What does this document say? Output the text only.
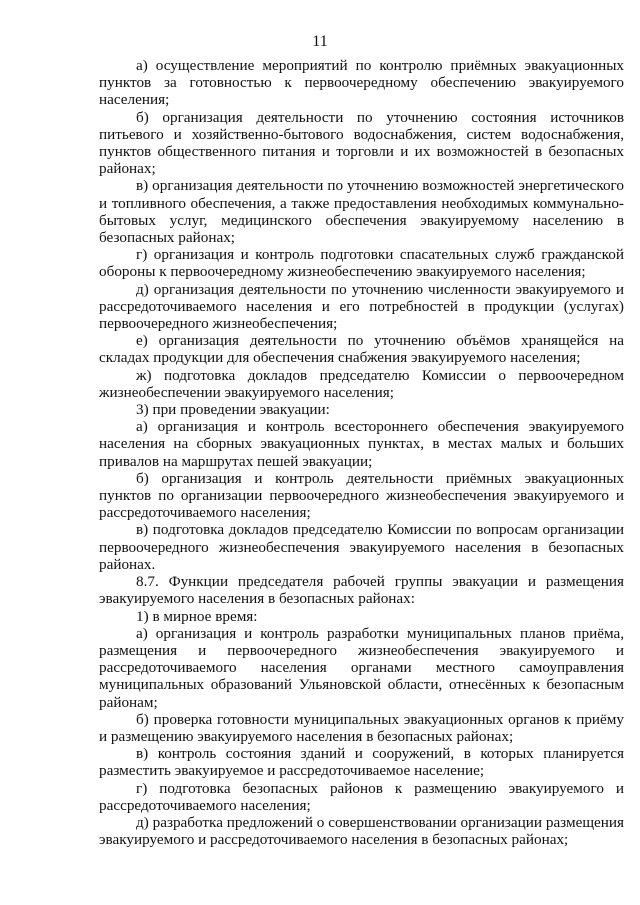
11

а) осуществление мероприятий по контролю приёмных эвакуационных пунктов за готовностью к первоочередному обеспечению эвакуируемого населения;

б) организация деятельности по уточнению состояния источников питьевого и хозяйственно-бытового водоснабжения, систем водоснабжения, пунктов общественного питания и торговли и их возможностей в безопасных районах;

в) организация деятельности по уточнению возможностей энергетического и топливного обеспечения, а также предоставления необходимых коммунально-бытовых услуг, медицинского обеспечения эвакуируемому населению в безопасных районах;

г) организация и контроль подготовки спасательных служб гражданской обороны к первоочередному жизнеобеспечению эвакуируемого населения;

д) организация деятельности по уточнению численности эвакуируемого и рассредоточиваемого населения и его потребностей в продукции (услугах) первоочередного жизнеобеспечения;

е) организация деятельности по уточнению объёмов хранящейся на складах продукции для обеспечения снабжения эвакуируемого населения;

ж) подготовка докладов председателю Комиссии о первоочередном жизнеобеспечении эвакуируемого населения;

3) при проведении эвакуации:

а) организация и контроль всестороннего обеспечения эвакуируемого населения на сборных эвакуационных пунктах, в местах малых и больших привалов на маршрутах пешей эвакуации;

б) организация и контроль деятельности приёмных эвакуационных пунктов по организации первоочередного жизнеобеспечения эвакуируемого и рассредоточиваемого населения;

в) подготовка докладов председателю Комиссии по вопросам организации первоочередного жизнеобеспечения эвакуируемого населения в безопасных районах.

8.7. Функции председателя рабочей группы эвакуации и размещения эвакуируемого населения в безопасных районах:

1) в мирное время:

а) организация и контроль разработки муниципальных планов приёма, размещения и первоочередного жизнеобеспечения эвакуируемого и рассредоточиваемого населения органами местного самоуправления муниципальных образований Ульяновской области, отнесённых к безопасным районам;

б) проверка готовности муниципальных эвакуационных органов к приёму и размещению эвакуируемого населения в безопасных районах;

в) контроль состояния зданий и сооружений, в которых планируется разместить эвакуируемое и рассредоточиваемое население;

г) подготовка безопасных районов к размещению эвакуируемого и рассредоточиваемого населения;

д) разработка предложений о совершенствовании организации размещения эвакуируемого и рассредоточиваемого населения в безопасных районах;
